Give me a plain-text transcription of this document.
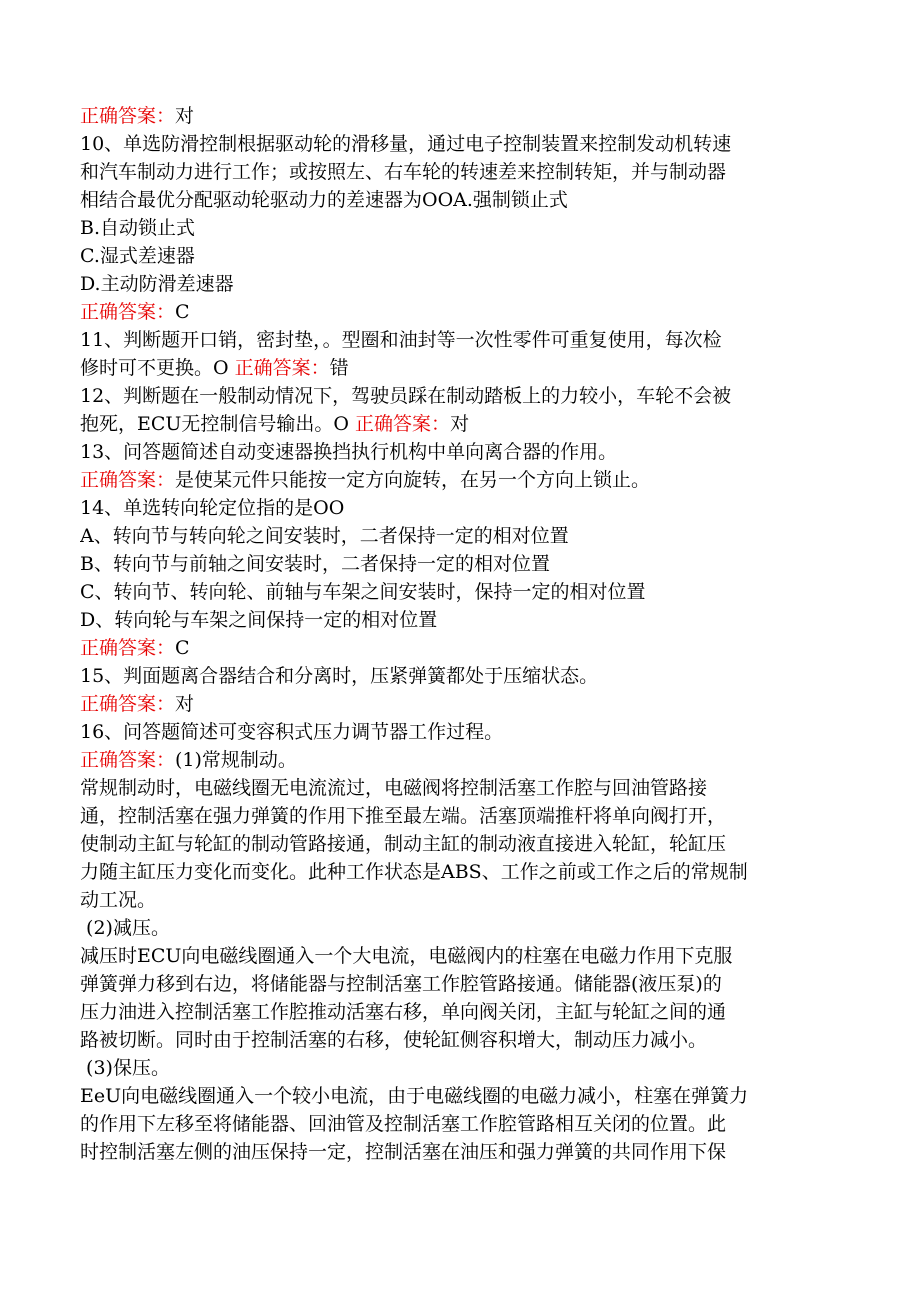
正确答案：对
10、单选防滑控制根据驱动轮的滑移量，通过电子控制装置来控制发动机转速
和汽车制动力进行工作；或按照左、右车轮的转速差来控制转矩，并与制动器
相结合最优分配驱动轮驱动力的差速器为OOA.强制锁止式
B.自动锁止式
C.湿式差速器
D.主动防滑差速器
正确答案：C
11、判断题开口销，密封垫，。型圈和油封等一次性零件可重复使用，每次检
修时可不更换。O 正确答案：错
12、判断题在一般制动情况下，驾驶员踩在制动踏板上的力较小，车轮不会被
抱死，ECU无控制信号输出。O 正确答案：对
13、问答题简述自动变速器换挡执行机构中单向离合器的作用。
正确答案：是使某元件只能按一定方向旋转，在另一个方向上锁止。
14、单选转向轮定位指的是OO
A、转向节与转向轮之间安装时，二者保持一定的相对位置
B、转向节与前轴之间安装时，二者保持一定的相对位置
C、转向节、转向轮、前轴与车架之间安装时，保持一定的相对位置
D、转向轮与车架之间保持一定的相对位置
正确答案：C
15、判面题离合器结合和分离时，压紧弹簧都处于压缩状态。
正确答案：对
16、问答题简述可变容积式压力调节器工作过程。
正确答案：(1)常规制动。
常规制动时，电磁线圈无电流流过，电磁阀将控制活塞工作腔与回油管路接
通，控制活塞在强力弹簧的作用下推至最左端。活塞顶端推杆将单向阀打开，
使制动主缸与轮缸的制动管路接通，制动主缸的制动液直接进入轮缸，轮缸压
力随主缸压力变化而变化。此种工作状态是ABS、工作之前或工作之后的常规制
动工况。
(2)减压。
减压时ECU向电磁线圈通入一个大电流，电磁阀内的柱塞在电磁力作用下克服
弹簧弹力移到右边，将储能器与控制活塞工作腔管路接通。储能器(液压泵)的
压力油进入控制活塞工作腔推动活塞右移，单向阀关闭，主缸与轮缸之间的通
路被切断。同时由于控制活塞的右移，使轮缸侧容积增大，制动压力减小。
(3)保压。
EeU向电磁线圈通入一个较小电流，由于电磁线圈的电磁力减小，柱塞在弹簧力
的作用下左移至将储能器、回油管及控制活塞工作腔管路相互关闭的位置。此
时控制活塞左侧的油压保持一定，控制活塞在油压和强力弹簧的共同作用下保
